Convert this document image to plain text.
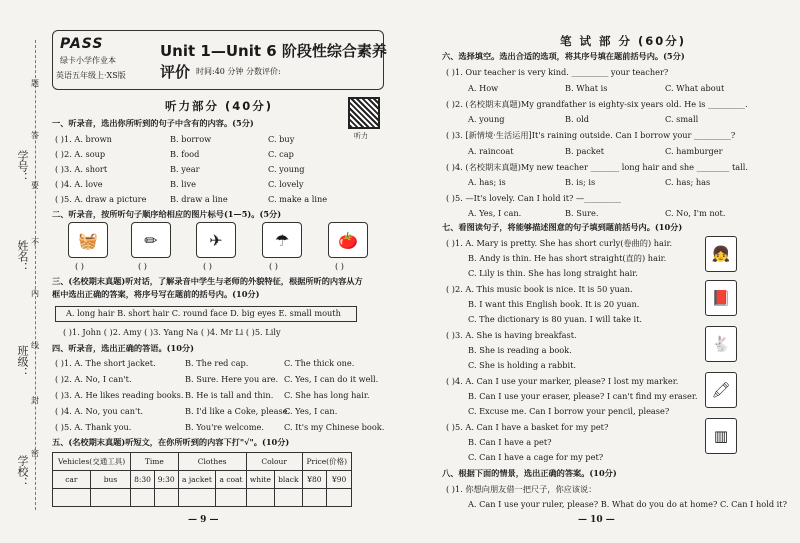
学号：
姓名：
班级：
学校：
题
答
要
不
内
线
封
密
PASS
绿卡小学作业本
英语五年级上·XS版
Unit 1—Unit 6 阶段性综合素养评价 时间:40 分钟 分数评价:
听力部分 (40分)
听力
一、听录音，选出你所听到的句子中含有的内容。(5分)
( )1. A. brown	B. borrow	C. buy
( )2. A. soup	B. food	C. cap
( )3. A. short	B. year	C. young
( )4. A. love	B. live	C. lovely
( )5. A. draw a picture	B. draw a line	C. make a line
二、听录音，按所听句子顺序给相应的图片标号(1—5)。(5分)
🧺	✏	✈	☂	🍅
( )	( )	( )	( )	( )
三、(名校期末真题)听对话，了解录音中学生与老师的外貌特征，根据所听的内容从方
框中选出正确的答案，将序号写在题前的括号内。(10分)
A. long hair B. short hair C. round face D. big eyes E. small mouth
( )1. John ( )2. Amy ( )3. Yang Na ( )4. Mr Li ( )5. Lily
四、听录音，选出正确的答语。(10分)
( )1. A. The short jacket.	B. The red cap.	C. The thick one.
( )2. A. No, I can't.	B. Sure. Here you are. C. Yes, I can do it well.
( )3. A. He likes reading books. B. He is tall and thin. C. She has long hair.
( )4. A. No, you can't.	B. I'd like a Coke, please.
C. Yes, I can.
( )5. A. Thank you.	B. You're welcome. C. It's my Chinese book.
五、(名校期末真题)听短文，在你所听到的内容下打"√"。(10分)
Vehicles(交通工具)		Time		Clothes		Colour		Price(价格)	
car	bus	8:30	9:30	a jacket	a coat	white	black	¥80	¥90

— 9 —
笔 试 部 分 (60分)
六、选择填空。选出合适的选项，将其序号填在题前括号内。(5分)
( )1. Our teacher is very kind. _________ your teacher?
A. How	B. What is	C. What about
( )2. (名校期末真题)My grandfather is eighty-six years old. He is _________.
A. young	B. old	C. small
( )3. [新情境·生活运用]It's raining outside. Can I borrow your _________?
A. raincoat	B. packet	C. hamburger
( )4. (名校期末真题)My new teacher _______ long hair and she ________ tall.
A. has; is	B. is; is	C. has; has
( )5. —It's lovely. Can I hold it? —_________
A. Yes, I can.	B. Sure.	C. No, I'm not.
七、看图读句子，将能够描述图意的句子填到题前括号内。(10分)
( )1. A. Mary is pretty. She has short curly(卷曲的) hair.
B. Andy is thin. He has short straight(直的) hair.
C. Lily is thin. She has long straight hair.
( )2. A. This music book is nice. It is 50 yuan.
B. I want this English book. It is 20 yuan.
C. The dictionary is 80 yuan. I will take it.
( )3. A. She is having breakfast.
B. She is reading a book.
C. She is holding a rabbit.
( )4. A. Can I use your marker, please? I lost my marker.
B. Can I use your eraser, please? I can't find my eraser.
C. Excuse me. Can I borrow your pencil, please?
( )5. A. Can I have a basket for my pet?
B. Can I have a pet?
C. Can I have a cage for my pet?
八、根据下面的情景，选出正确的答案。(10分)
( )1. 你想向朋友借一把尺子，你应该说：
A. Can I use your ruler, please? B. What do you do at home? C. Can I hold it?
— 10 —
👧
📕
🐇
🖍
▥
